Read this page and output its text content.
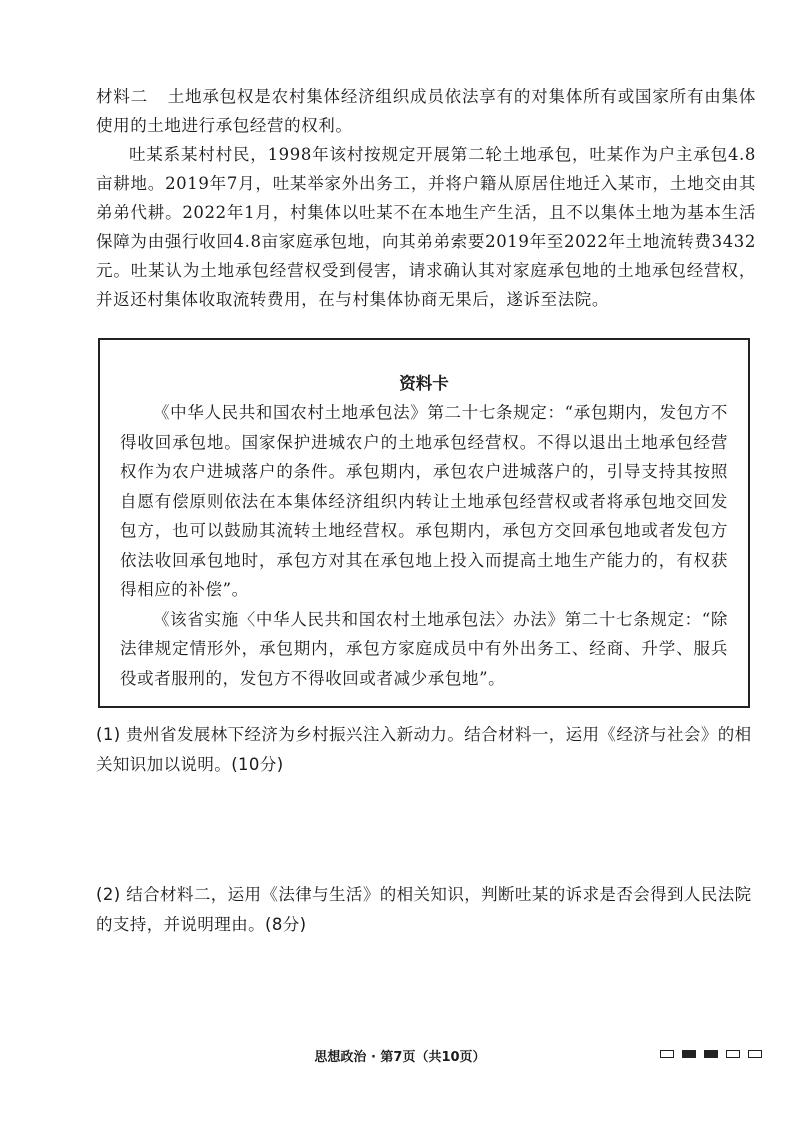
材料二 土地承包权是农村集体经济组织成员依法享有的对集体所有或国家所有由集体使用的土地进行承包经营的权利。

吐某系某村村民，1998年该村按规定开展第二轮土地承包，吐某作为户主承包4.8亩耕地。2019年7月，吐某举家外出务工，并将户籍从原居住地迁入某市，土地交由其弟弟代耕。2022年1月，村集体以吐某不在本地生产生活，且不以集体土地为基本生活保障为由强行收回4.8亩家庭承包地，向其弟弟索要2019年至2022年土地流转费3432元。吐某认为土地承包经营权受到侵害，请求确认其对家庭承包地的土地承包经营权，并返还村集体收取流转费用，在与村集体协商无果后，遂诉至法院。

资料卡

《中华人民共和国农村土地承包法》第二十七条规定：“承包期内，发包方不得收回承包地。国家保护进城农户的土地承包经营权。不得以退出土地承包经营权作为农户进城落户的条件。承包期内，承包农户进城落户的，引导支持其按照自愿有偿原则依法在本集体经济组织内转让土地承包经营权或者将承包地交回发包方，也可以鼓励其流转土地经营权。承包期内，承包方交回承包地或者发包方依法收回承包地时，承包方对其在承包地上投入而提高土地生产能力的，有权获得相应的补偿”。

《该省实施〈中华人民共和国农村土地承包法〉办法》第二十七条规定：“除法律规定情形外，承包期内，承包方家庭成员中有外出务工、经商、升学、服兵役或者服刑的，发包方不得收回或者减少承包地”。

(1) 贵州省发展林下经济为乡村振兴注入新动力。结合材料一，运用《经济与社会》的相关知识加以说明。(10分)

(2) 结合材料二，运用《法律与生活》的相关知识，判断吐某的诉求是否会得到人民法院的支持，并说明理由。(8分)

思想政治 · 第7页（共10页）
